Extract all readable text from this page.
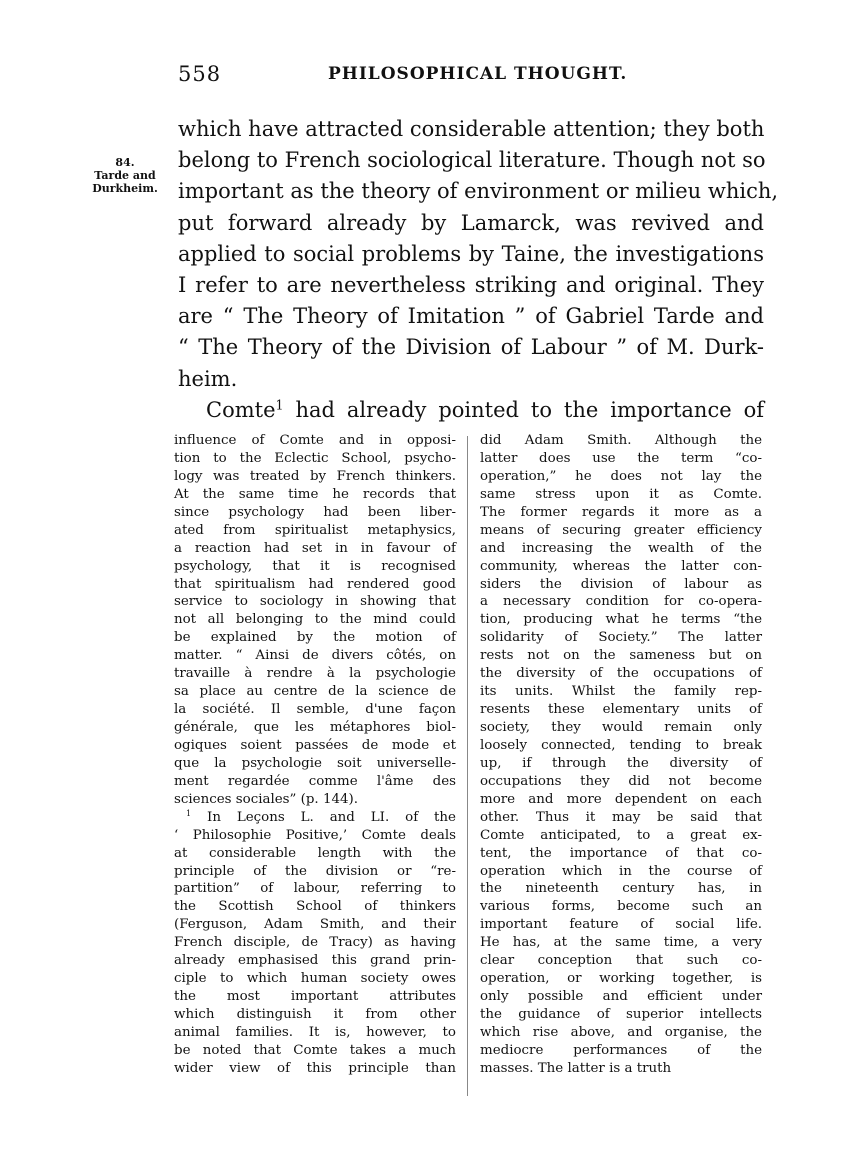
558	PHILOSOPHICAL THOUGHT.
84.
Tarde and
Durkheim.
which have attracted considerable attention; they both
belong to French sociological literature. Though not so
important as the theory of environment or milieu which,
put forward already by Lamarck, was revived and
applied to social problems by Taine, the investigations
I refer to are nevertheless striking and original. They
are “ The Theory of Imitation ” of Gabriel Tarde and
“ The Theory of the Division of Labour ” of M. Durk-
heim.
Comte$^1$ had already pointed to the importance of
influence of Comte and in opposi-
tion to the Eclectic School, psycho-
logy was treated by French thinkers.
At the same time he records that
since psychology had been liber-
ated from spiritualist metaphysics,
a reaction had set in in favour of
psychology, that it is recognised
that spiritualism had rendered good
service to sociology in showing that
not all belonging to the mind could
be explained by the motion of
matter. “ Ainsi de divers côtés, on
travaille à rendre à la psychologie
sa place au centre de la science de
la société. Il semble, d'une façon
générale, que les métaphores biol-
ogiques soient passées de mode et
que la psychologie soit universelle-
ment regardée comme l'âme des
sciences sociales” (p. 144).
$^1$ In Leçons L. and LI. of the
‘ Philosophie Positive,’ Comte deals
at considerable length with the
principle of the division or “re-
partition” of labour, referring to
the Scottish School of thinkers
(Ferguson, Adam Smith, and their
French disciple, de Tracy) as having
already emphasised this grand prin-
ciple to which human society owes
the most important attributes
which distinguish it from other
animal families. It is, however, to
be noted that Comte takes a much
wider view of this principle than
did Adam Smith. Although the
latter does use the term “co-
operation,” he does not lay the
same stress upon it as Comte.
The former regards it more as a
means of securing greater efficiency
and increasing the wealth of the
community, whereas the latter con-
siders the division of labour as
a necessary condition for co-opera-
tion, producing what he terms “the
solidarity of Society.” The latter
rests not on the sameness but on
the diversity of the occupations of
its units. Whilst the family rep-
resents these elementary units of
society, they would remain only
loosely connected, tending to break
up, if through the diversity of
occupations they did not become
more and more dependent on each
other. Thus it may be said that
Comte anticipated, to a great ex-
tent, the importance of that co-
operation which in the course of
the nineteenth century has, in
various forms, become such an
important feature of social life.
He has, at the same time, a very
clear conception that such co-
operation, or working together, is
only possible and efficient under
the guidance of superior intellects
which rise above, and organise, the
mediocre performances of the
masses. The latter is a truth
